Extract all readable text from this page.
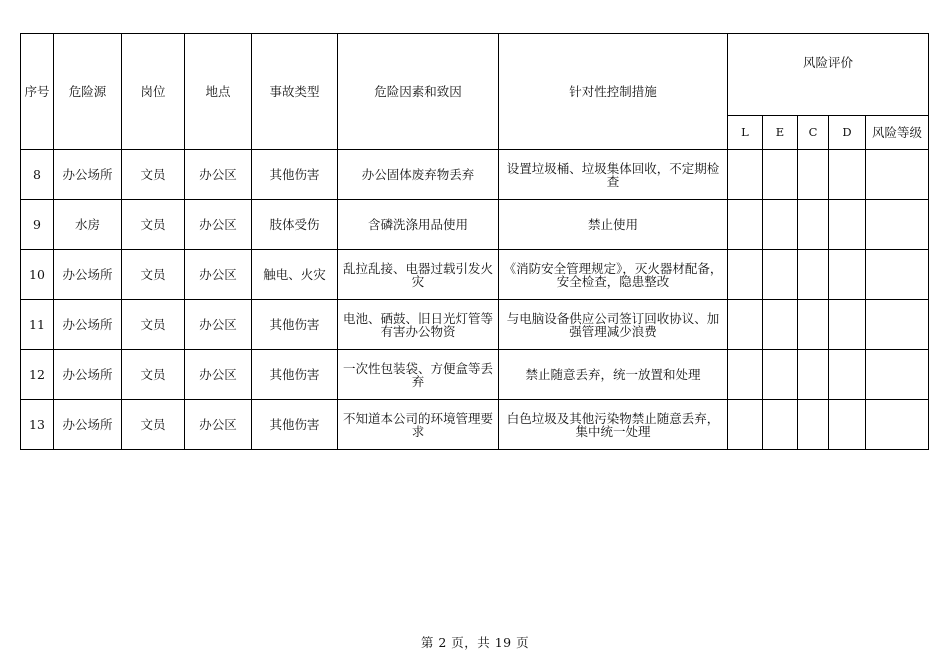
序号	危险源	岗位	地点	事故类型	危险因素和致因	针对性控制措施	风险评价				
							L	E	C	D	风险等级
8	办公场所	文员	办公区	其他伤害	办公固体废弃物丢弃	设置垃圾桶、垃圾集体回收，不定期检查					
9	水房	文员	办公区	肢体受伤	含磷洗涤用品使用	禁止使用					
10	办公场所	文员	办公区	触电、火灾	乱拉乱接、电器过载引发火灾	《消防安全管理规定》，灭火器材配备，安全检查，隐患整改					
11	办公场所	文员	办公区	其他伤害	电池、硒鼓、旧日光灯管等有害办公物资	与电脑设备供应公司签订回收协议、加强管理减少浪费					
12	办公场所	文员	办公区	其他伤害	一次性包装袋、方便盒等丢弃	禁止随意丢弃，统一放置和处理					
13	办公场所	文员	办公区	其他伤害	不知道本公司的环境管理要求	白色垃圾及其他污染物禁止随意丢弃，集中统一处理					
第 2 页，共 19 页
